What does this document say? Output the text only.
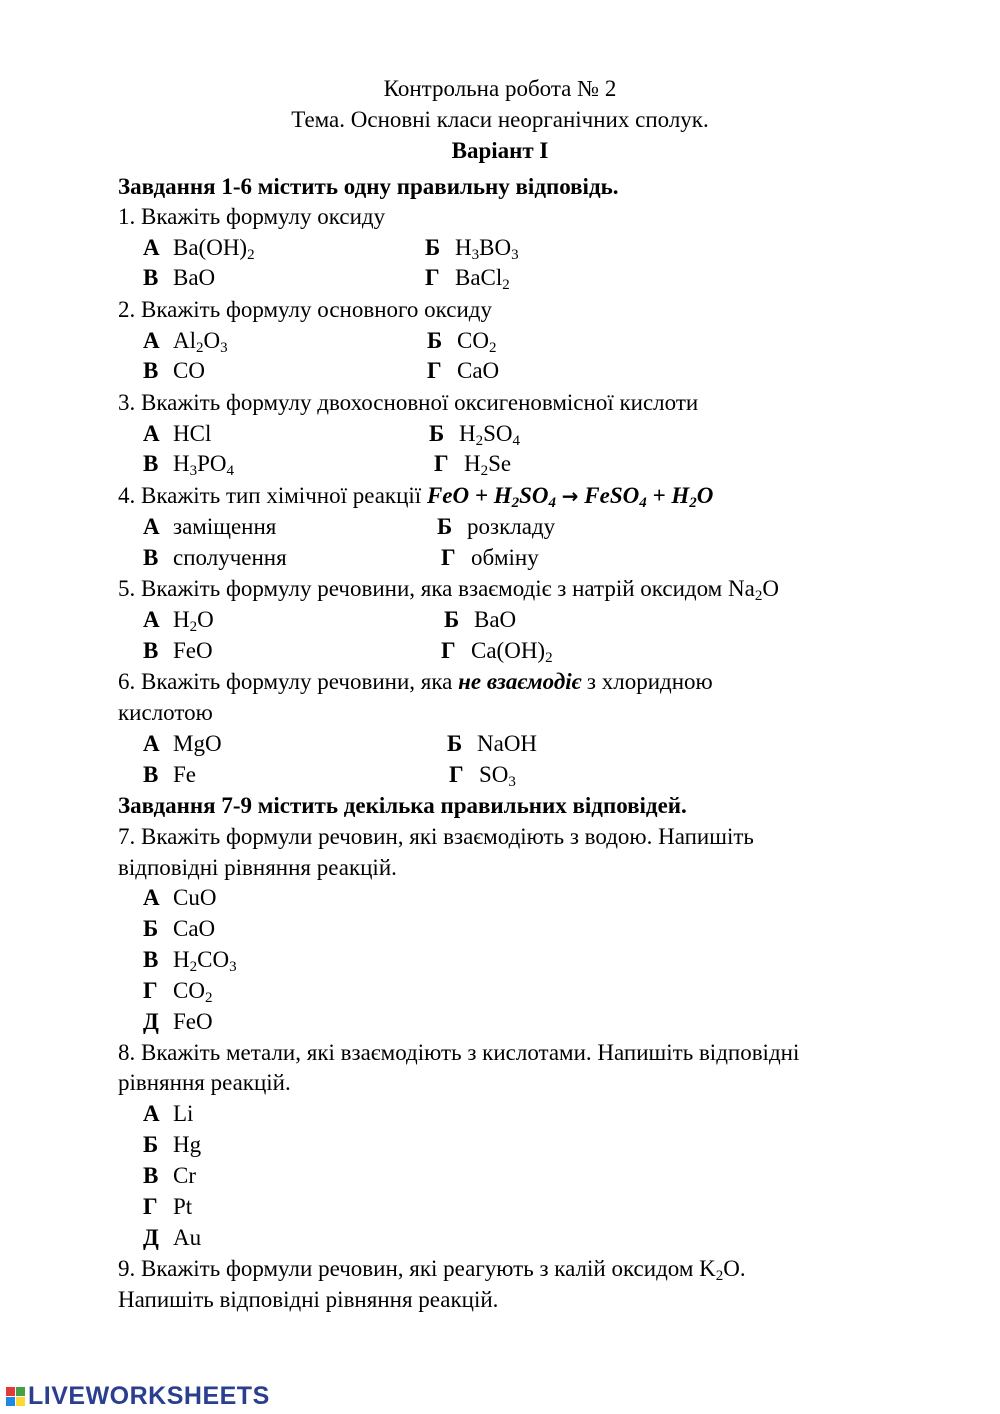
Контрольна робота № 2
Тема. Основні класи неорганічних сполук.
Варіант І
Завдання 1-6 містить одну правильну відповідь.
1. Вкажіть формулу оксиду
А $Ba(OH)_2$	Б $H_3BO_3$
В BaO	Г BaCl$_2$
2. Вкажіть формулу основного оксиду
А $Al_2O_3$	Б $CO_2$
В CO	Г CaO
3. Вкажіть формулу двохосновної оксигеновмісної кислоти
А HCl	Б $H_2SO_4$
В $H_3PO_4$	Г $H_2Se$
4. Вкажіть тип хімічної реакції FeO + $H_2SO_4$ → FeSO$_4$ + $H_2O$
А заміщення	Б розкладу
В сполучення	Г обміну
5. Вкажіть формулу речовини, яка взаємодіє з натрій оксидом $Na_2O$
А $H_2O$	Б BaO
В FeO	Г $Ca(OH)_2$
6. Вкажіть формулу речовини, яка не взаємодіє з хлоридною
кислотою
А MgO	Б NaOH
В Fe	Г $SO_3$
Завдання 7-9 містить декілька правильних відповідей.
7. Вкажіть формули речовин, які взаємодіють з водою. Напишіть
відповідні рівняння реакцій.
А CuO
Б CaO
В $H_2CO_3$
Г $CO_2$
Д FeO
8. Вкажіть метали, які взаємодіють з кислотами. Напишіть відповідні
рівняння реакцій.
А Li
Б Hg
В Cr
Г Pt
Д Au
9. Вкажіть формули речовин, які реагують з калій оксидом $K_2O$.
Напишіть відповідні рівняння реакцій.
LIVEWORKSHEETS
